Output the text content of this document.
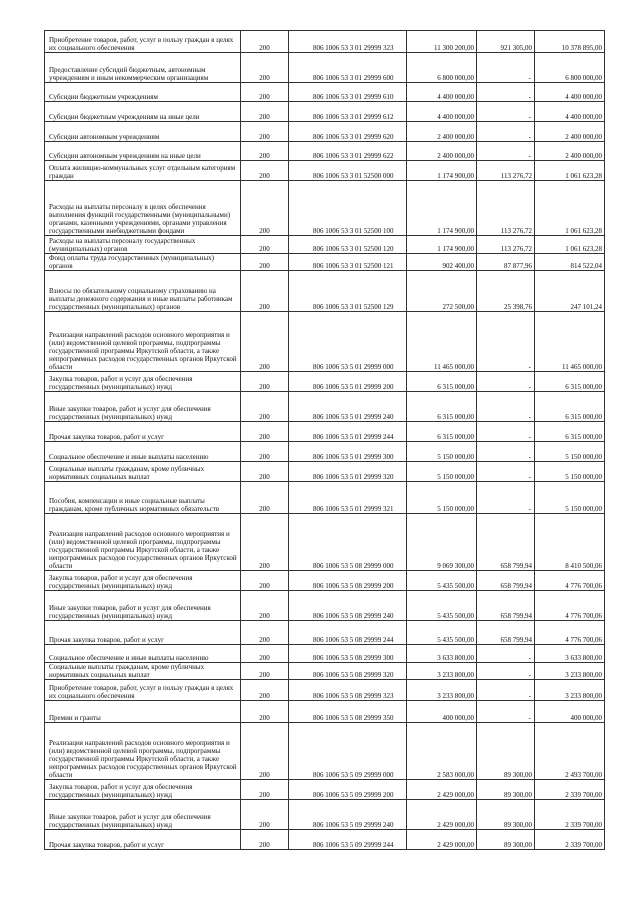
Приобретение товаров, работ, услуг в пользу граждан в целях их социального обеспечения	200	806 1006 53 3 01 29999 323	11 300 200,00	921 305,00	10 378 895,00
Предоставление субсидий бюджетным, автономным учреждениям и иным некоммерческим организациям	200	806 1006 53 3 01 29999 600	6 800 000,00	-	6 800 000,00
Субсидии бюджетным учреждениям	200	806 1006 53 3 01 29999 610	4 400 000,00	-	4 400 000,00
Субсидии бюджетным учреждениям на иные цели	200	806 1006 53 3 01 29999 612	4 400 000,00	-	4 400 000,00
Субсидии автономным учреждениям	200	806 1006 53 3 01 29999 620	2 400 000,00	-	2 400 000,00
Субсидии автономным учреждениям на иные цели	200	806 1006 53 3 01 29999 622	2 400 000,00	-	2 400 000,00
Оплата жилищно-коммунальных услуг отдельным категориям граждан	200	806 1006 53 3 01 52500 000	1 174 900,00	113 276,72	1 061 623,28
Расходы на выплаты персоналу в целях обеспечения выполнения функций государственными (муниципальными) органами, казенными учреждениями, органами управления государственными внебюджетными фондами	200	806 1006 53 3 01 52500 100	1 174 900,00	113 276,72	1 061 623,28
Расходы на выплаты персоналу государственных (муниципальных) органов	200	806 1006 53 3 01 52500 120	1 174 900,00	113 276,72	1 061 623,28
Фонд оплаты труда государственных (муниципальных) органов	200	806 1006 53 3 01 52500 121	902 400,00	87 877,96	814 522,04
Взносы по обязательному социальному страхованию на выплаты денежного содержания и иные выплаты работникам государственных (муниципальных) органов	200	806 1006 53 3 01 52500 129	272 500,00	25 398,76	247 101,24
Реализация направлений расходов основного мероприятия и (или) ведомственной целевой программы, подпрограммы государственной программы Иркутской области, а также непрограммных расходов государственных органов Иркутской области	200	806 1006 53 5 01 29999 000	11 465 000,00	-	11 465 000,00
Закупка товаров, работ и услуг для обеспечения государственных (муниципальных) нужд	200	806 1006 53 5 01 29999 200	6 315 000,00	-	6 315 000,00
Иные закупки товаров, работ и услуг для обеспечения государственных (муниципальных) нужд	200	806 1006 53 5 01 29999 240	6 315 000,00	-	6 315 000,00
Прочая закупка товаров, работ и услуг	200	806 1006 53 5 01 29999 244	6 315 000,00	-	6 315 000,00
Социальное обеспечение и иные выплаты населению	200	806 1006 53 5 01 29999 300	5 150 000,00	-	5 150 000,00
Социальные выплаты гражданам, кроме публичных нормативных социальных выплат	200	806 1006 53 5 01 29999 320	5 150 000,00	-	5 150 000,00
Пособия, компенсации и иные социальные выплаты гражданам, кроме публичных нормативных обязательств	200	806 1006 53 5 01 29999 321	5 150 000,00	-	5 150 000,00
Реализация направлений расходов основного мероприятия и (или) ведомственной целевой программы, подпрограммы государственной программы Иркутской области, а также непрограммных расходов государственных органов Иркутской области	200	806 1006 53 5 08 29999 000	9 069 300,00	658 799,94	8 410 500,06
Закупка товаров, работ и услуг для обеспечения государственных (муниципальных) нужд	200	806 1006 53 5 08 29999 200	5 435 500,00	658 799,94	4 776 700,06
Иные закупки товаров, работ и услуг для обеспечения государственных (муниципальных) нужд	200	806 1006 53 5 08 29999 240	5 435 500,00	658 799,94	4 776 700,06
Прочая закупка товаров, работ и услуг	200	806 1006 53 5 08 29999 244	5 435 500,00	658 799,94	4 776 700,06
Социальное обеспечение и иные выплаты населению	200	806 1006 53 5 08 29999 300	3 633 800,00	-	3 633 800,00
Социальные выплаты гражданам, кроме публичных нормативных социальных выплат	200	806 1006 53 5 08 29999 320	3 233 800,00	-	3 233 800,00
Приобретение товаров, работ, услуг в пользу граждан в целях их социального обеспечения	200	806 1006 53 5 08 29999 323	3 233 800,00	-	3 233 800,00
Премии и гранты	200	806 1006 53 5 08 29999 350	400 000,00	-	400 000,00
Реализация направлений расходов основного мероприятия и (или) ведомственной целевой программы, подпрограммы государственной программы Иркутской области, а также непрограммных расходов государственных органов Иркутской области	200	806 1006 53 5 09 29999 000	2 583 000,00	89 300,00	2 493 700,00
Закупка товаров, работ и услуг для обеспечения государственных (муниципальных) нужд	200	806 1006 53 5 09 29999 200	2 429 000,00	89 300,00	2 339 700,00
Иные закупки товаров, работ и услуг для обеспечения государственных (муниципальных) нужд	200	806 1006 53 5 09 29999 240	2 429 000,00	89 300,00	2 339 700,00
Прочая закупка товаров, работ и услуг	200	806 1006 53 5 09 29999 244	2 429 000,00	89 300,00	2 339 700,00
